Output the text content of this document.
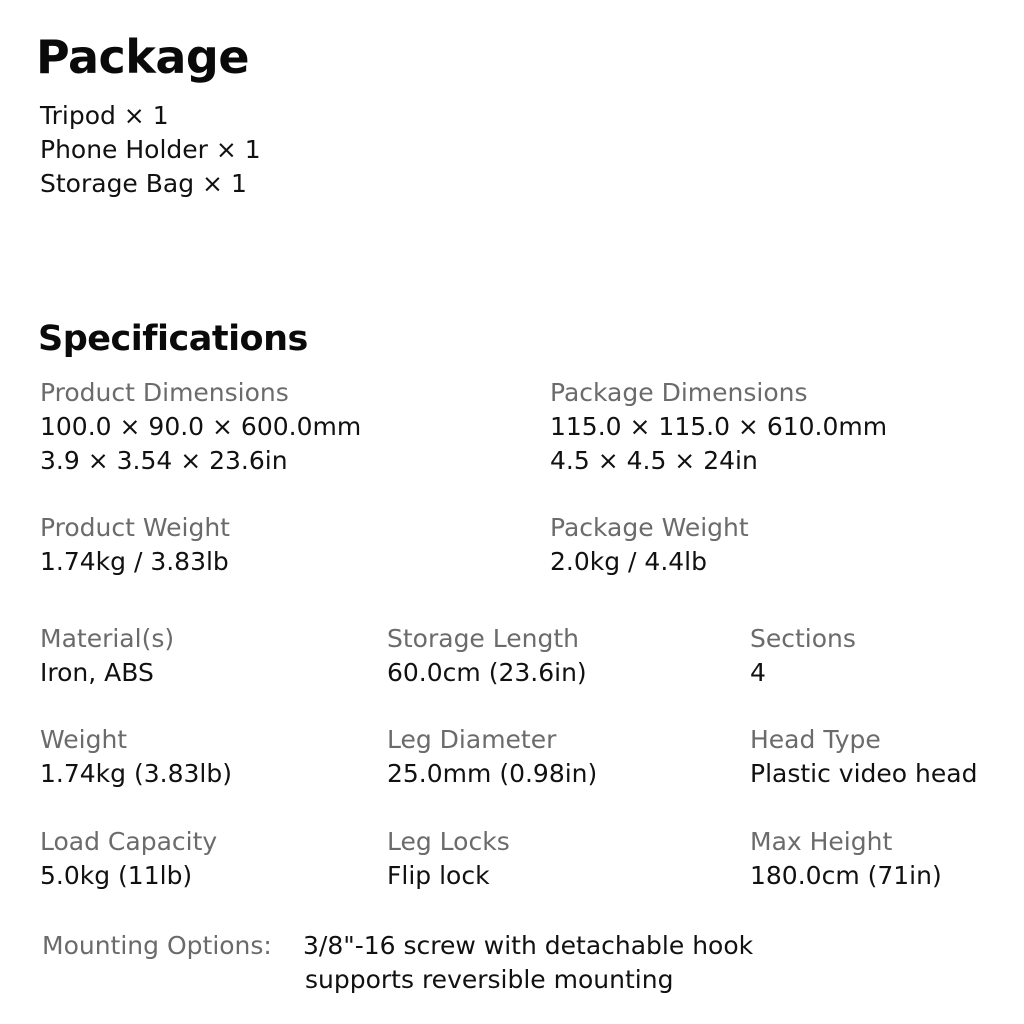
Package
Tripod × 1
Phone Holder × 1
Storage Bag × 1
Specifications
Product Dimensions
100.0 × 90.0 × 600.0mm
3.9 × 3.54 × 23.6in
Package Dimensions
115.0 × 115.0 × 610.0mm
4.5 × 4.5 × 24in
Product Weight
1.74kg / 3.83lb
Package Weight
2.0kg / 4.4lb
Material(s)
Iron, ABS
Storage Length
60.0cm (23.6in)
Sections
4
Weight
1.74kg (3.83lb)
Leg Diameter
25.0mm (0.98in)
Head Type
Plastic video head
Load Capacity
5.0kg (11lb)
Leg Locks
Flip lock
Max Height
180.0cm (71in)
Mounting Options: 3/8"-16 screw with detachable hook
supports reversible mounting
